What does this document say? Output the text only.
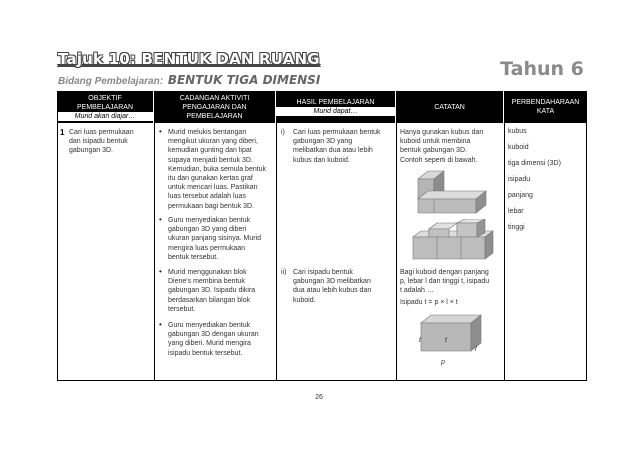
Tajuk 10: BENTUK DAN RUANG
Bidang Pembelajaran: BENTUK TIGA DIMENSI	Tahun 6
OBJEKTIF
PEMBELAJARAN
Murid akan diajar…
CADANGAN AKTIVITI
PENGAJARAN DAN
PEMBELAJARAN
HASIL PEMBELAJARAN
Murid dapat…
CATATAN
PERBENDAHARAAN
KATA
1 Cari luas permukaan
dan isipadu bentuk
gabungan 3D.
• Murid melukis bentangan
mengikut ukuran yang diberi,
kemudian gunting dan lipat
supaya menjadi bentuk 3D.
Kemudian, buka semula bentuk
itu dan gunakan kertas graf
untuk mencari luas. Pastikan
luas tersebut adalah luas
permukaan bagi bentuk 3D.
• Guru menyediakan bentuk
gabungan 3D yang diberi
ukuran panjang sisinya. Murid
mengira luas permukaan
bentuk tersebut.
• Murid menggunakan blok
Diene's membina bentuk
gabungan 3D. Isipadu dikira
berdasarkan bilangan blok
tersebut.
• Guru menyediakan bentuk
gabungan 3D dengan ukuran
yang diberi. Murid mengira
isipadu bentuk tersebut.
i) Cari luas permukaan bentuk
gabungan 3D yang
melibatkan dua atau lebih
kubus dan kuboid.
ii) Cari isipadu bentuk
gabungan 3D melibatkan
dua atau lebih kubus dan
kuboid.
Hanya gunakan kubus dan
kuboid untuk membina
bentuk gabungan 3D.
Contoh seperti di bawah.
Bagi kuboid dengan panjang
p, lebar l dan tinggi t, isipadu
t adalah …
Isipadu t = p × l × t
t	t
l
p
kubus
kuboid
tiga dimensi (3D)
isipadu
panjang
lebar
tinggi
26
